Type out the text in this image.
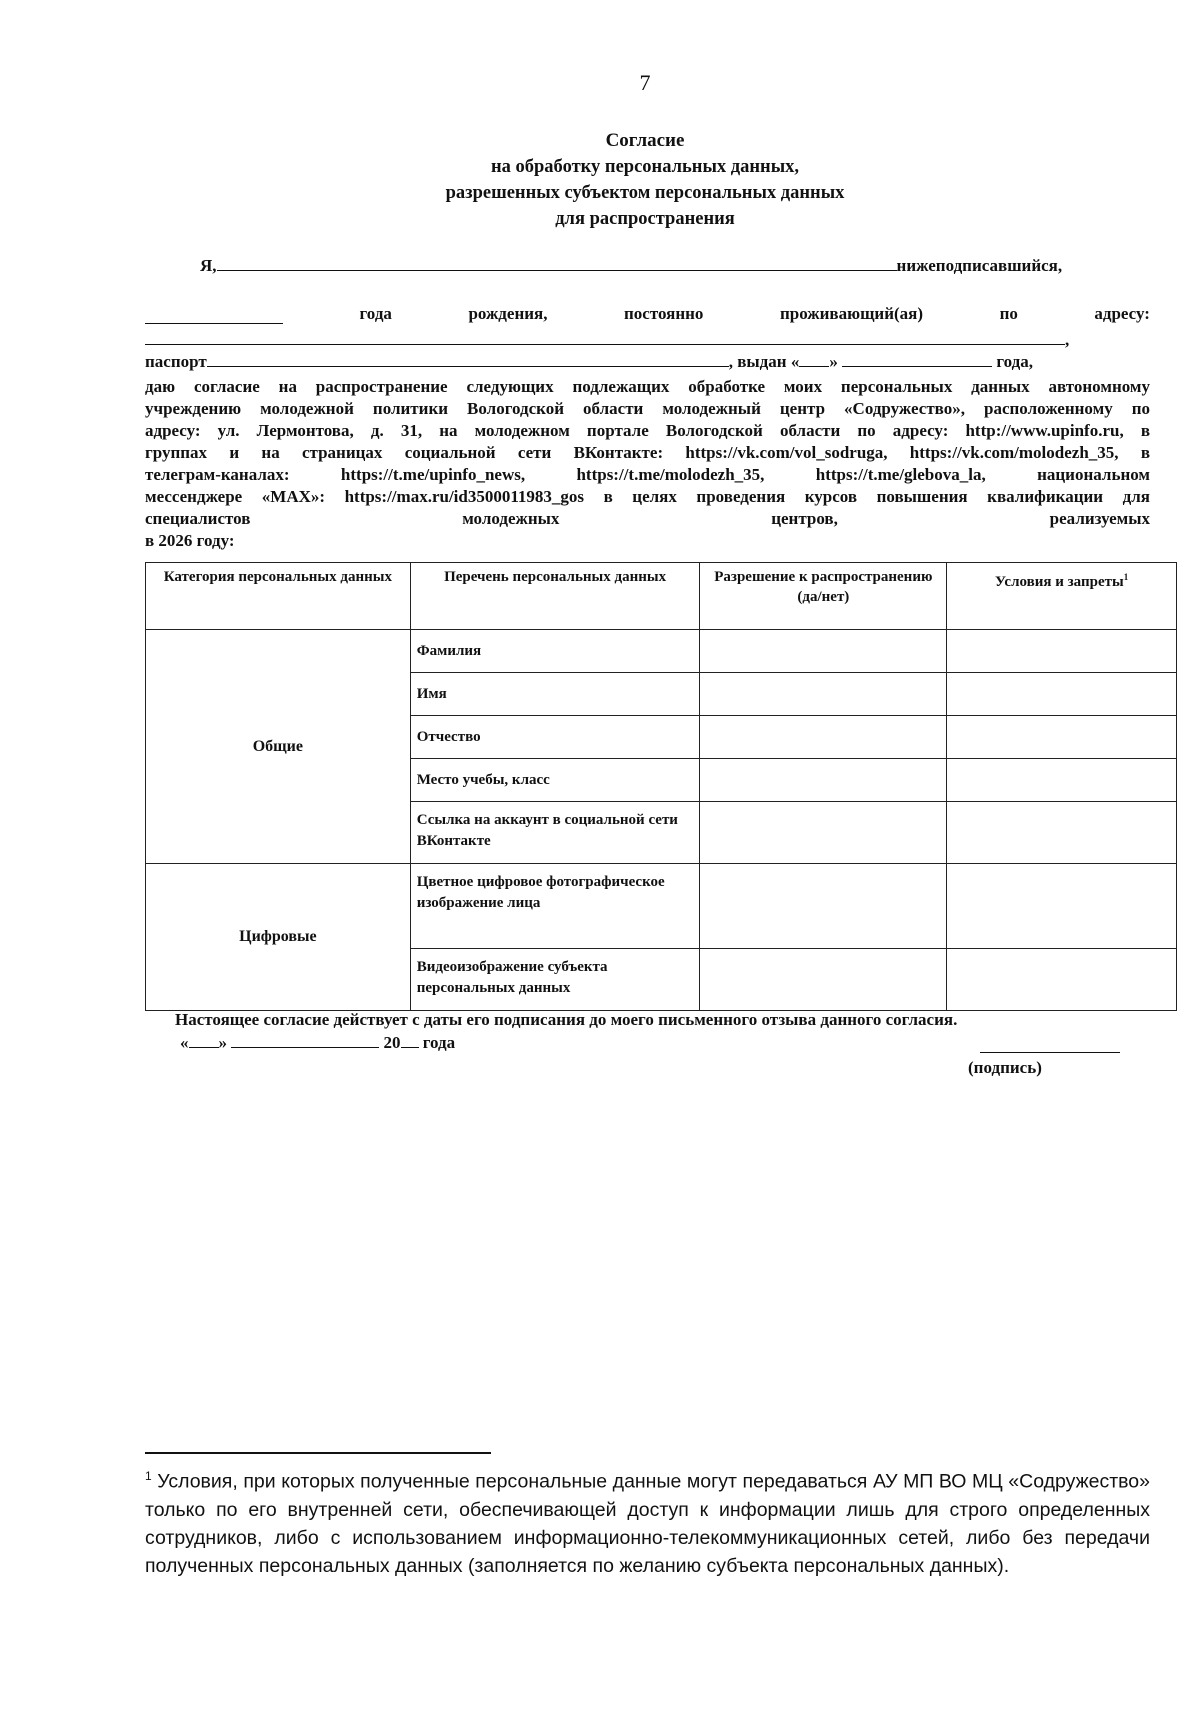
7
Согласие
на обработку персональных данных,
разрешенных субъектом персональных данных
для распространения
Я,	нижеподписавшийся,
года	рождения,	постоянно	проживающий(ая)	по	адресу:
,
паспорт	, выдан « »	года,
даю согласие на распространение следующих подлежащих обработке моих персональных данных автономному
учреждению молодежной политики Вологодской области молодежный центр «Содружество», расположенному по
адресу: ул. Лермонтова, д. 31, на молодежном портале Вологодской области по адресу: http://www.upinfo.ru, в
группах и на страницах социальной сети ВКонтакте: https://vk.com/vol_sodruga, https://vk.com/molodezh_35, в
телеграм-каналах: https://t.me/upinfo_news, https://t.me/molodezh_35, https://t.me/glebova_la, национальном
мессенджере «MAX»: https://max.ru/id3500011983_gos в целях проведения курсов повышения квалификации для
специалистов молодежных центров, реализуемых
в 2026 году:
Категория персональных данных	Перечень персональных данных	Разрешение к распространению (да/нет)	Условия и запреты$^1$
Общие	Фамилия		
	Имя		
	Отчество		
	Место учебы, класс		
	Ссылка на аккаунт в социальной сети ВКонтакте		
Цифровые	Цветное цифровое фотографическое изображение лица		
	Видеоизображение субъекта персональных данных		
Настоящее согласие действует с даты его подписания до моего письменного отзыва данного согласия.
« »	20 года
(подпись)
$^1$ Условия, при которых полученные персональные данные могут передаваться АУ МП ВО МЦ «Содружество» только по его внутренней сети, обеспечивающей доступ к информации лишь для строго определенных сотрудников, либо с использованием информационно-телекоммуникационных сетей, либо без передачи полученных персональных данных (заполняется по желанию субъекта персональных данных).
